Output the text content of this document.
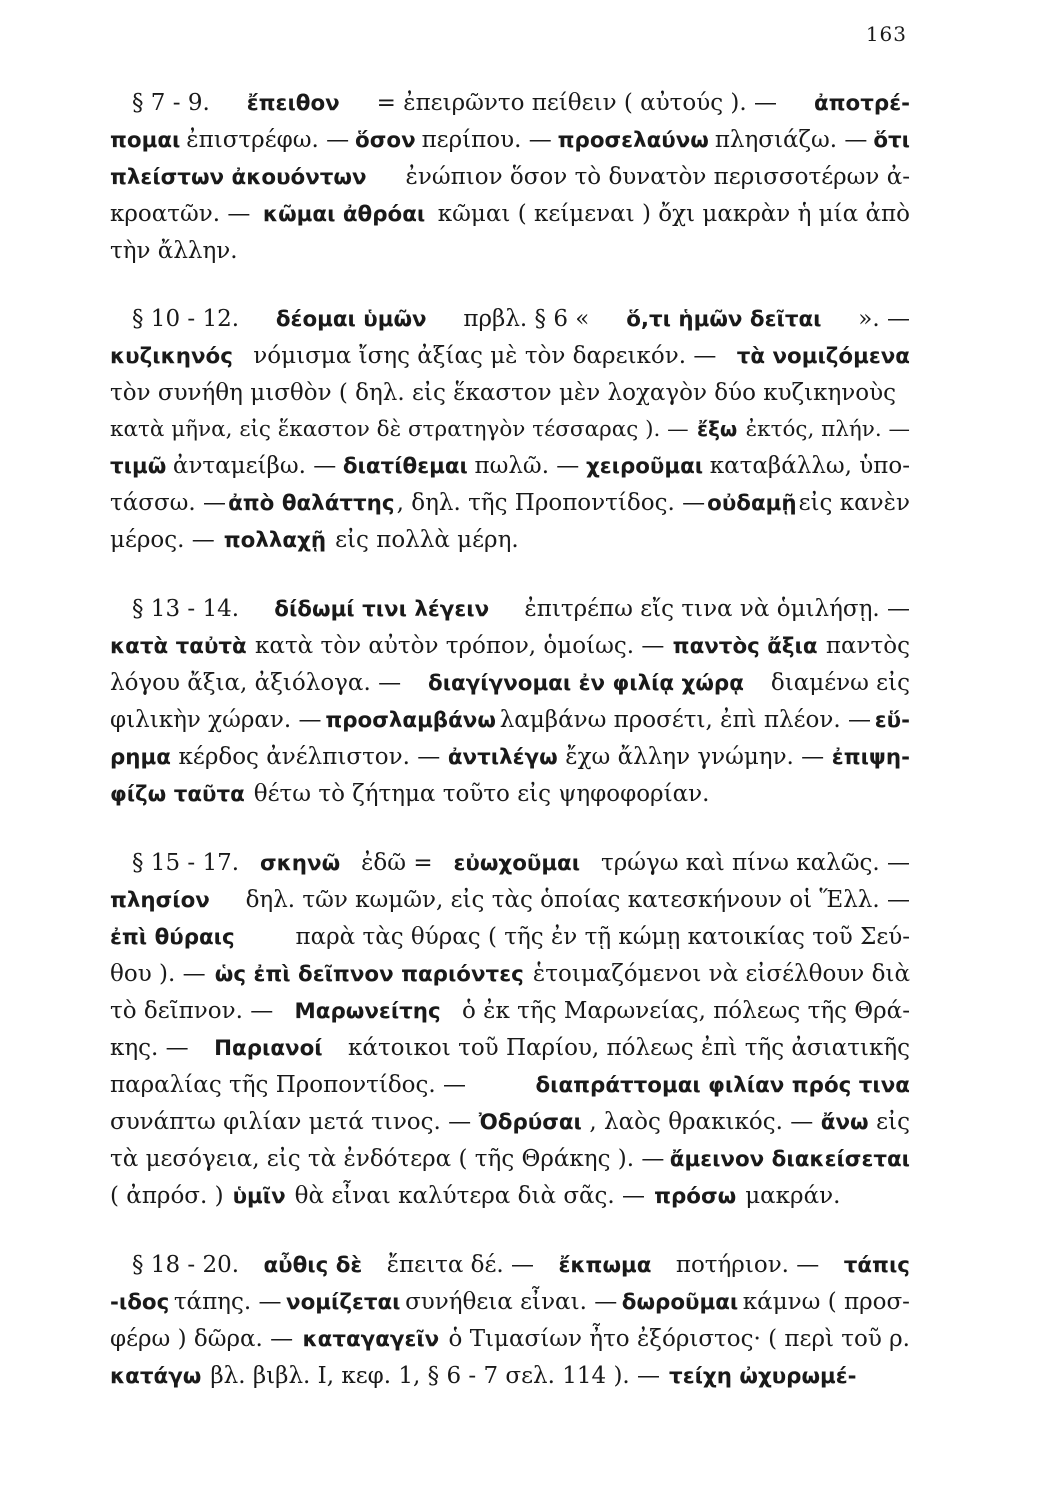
163
§ 7 - 9. ἔπειθον = ἐπειρῶντο πείθειν ( αὐτούς ). — ἀποτρέ-
πομαι ἐπιστρέφω. — ὅσον περίπου. — προσελαύνω πλησιάζω. — ὅτι
πλείστων ἀκουόντων ἐνώπιον ὅσον τὸ δυνατὸν περισσοτέρων ἀ-
κροατῶν. — κῶμαι ἀθρόαι κῶμαι ( κείμεναι ) ὄχι μακρὰν ἡ μία ἀπὸ
τὴν ἄλλην.
§ 10 - 12. δέομαι ὑμῶν πρβλ. § 6 « ὅ,τι ἡμῶν δεῖται ». —
κυζικηνός νόμισμα ἴσης ἀξίας μὲ τὸν δαρεικόν. — τὰ νομιζόμενα
τὸν συνήθη μισθὸν ( δηλ. εἰς ἕκαστον μὲν λοχαγὸν δύο κυζικηνοὺς
κατὰ μῆνα, εἰς ἕκαστον δὲ στρατηγὸν τέσσαρας ). — ἔξω ἐκτός, πλήν. —
τιμῶ ἀνταμείβω. — διατίθεμαι πωλῶ. — χειροῦμαι καταβάλλω, ὑπο-
τάσσω. — ἀπὸ θαλάττης , δηλ. τῆς Προποντίδος. — οὐδαμῇ εἰς κανὲν
μέρος. — πολλαχῇ εἰς πολλὰ μέρη.
§ 13 - 14. δίδωμί τινι λέγειν ἐπιτρέπω εἴς τινα νὰ ὁμιλήσῃ. —
κατὰ ταὐτὰ κατὰ τὸν αὐτὸν τρόπον, ὁμοίως. — παντὸς ἄξια παντὸς
λόγου ἄξια, ἀξιόλογα. — διαγίγνομαι ἐν φιλίᾳ χώρᾳ διαμένω εἰς
φιλικὴν χώραν. — προσλαμβάνω λαμβάνω προσέτι, ἐπὶ πλέον. — εὕ-
ρημα κέρδος ἀνέλπιστον. — ἀντιλέγω ἔχω ἄλλην γνώμην. — ἐπιψη-
φίζω ταῦτα θέτω τὸ ζήτημα τοῦτο εἰς ψηφοφορίαν.
§ 15 - 17. σκηνῶ ἐδῶ = εὐωχοῦμαι τρώγω καὶ πίνω καλῶς. —
πλησίον δηλ. τῶν κωμῶν, εἰς τὰς ὁποίας κατεσκήνουν οἱ Ἕλλ. —
ἐπὶ θύραις	παρὰ τὰς θύρας ( τῆς ἐν τῇ κώμῃ κατοικίας τοῦ Σεύ-
θου ). — ὡς ἐπὶ δεῖπνον παριόντες ἑτοιμαζόμενοι νὰ εἰσέλθουν διὰ
τὸ δεῖπνον. — Μαρωνείτης ὁ ἐκ τῆς Μαρωνείας, πόλεως τῆς Θρά-
κης. — Παριανοί κάτοικοι τοῦ Παρίου, πόλεως ἐπὶ τῆς ἀσιατικῆς
παραλίας τῆς Προποντίδος. —	διαπράττομαι φιλίαν πρός τινα
συνάπτω φιλίαν μετά τινος. — Ὀδρύσαι , λαὸς θρακικός. — ἄνω εἰς
τὰ μεσόγεια, εἰς τὰ ἐνδότερα ( τῆς Θράκης ). — ἄμεινον διακείσεται
( ἀπρόσ. ) ὑμῖν θὰ εἶναι καλύτερα διὰ σᾶς. — πρόσω μακράν.
§ 18 - 20. αὖθις δὲ ἔπειτα δέ. — ἔκπωμα ποτήριον. — τάπις
-ιδος τάπης. — νομίζεται συνήθεια εἶναι. — δωροῦμαι κάμνω ( προσ-
φέρω ) δῶρα. — καταγαγεῖν ὁ Τιμασίων ἦτο ἐξόριστος· ( περὶ τοῦ ρ.
κατάγω βλ. βιβλ. Ι, κεφ. 1, § 6 - 7 σελ. 114 ). — τείχη ὠχυρωμέ-
